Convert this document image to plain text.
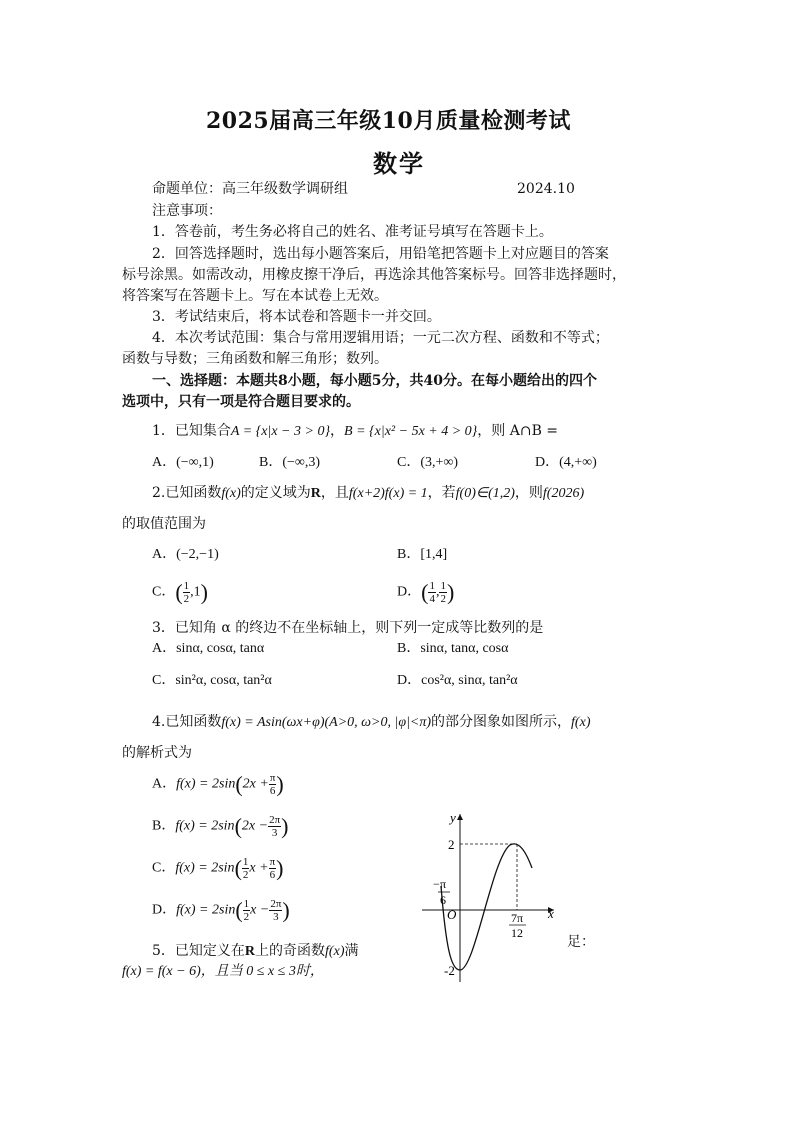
2025届高三年级10月质量检测考试
数学
命题单位：高三年级数学调研组	2024.10
注意事项：
1．答卷前，考生务必将自己的姓名、准考证号填写在答题卡上。
2．回答选择题时，选出每小题答案后，用铅笔把答题卡上对应题目的答案
标号涂黑。如需改动，用橡皮擦干净后，再选涂其他答案标号。回答非选择题时，
将答案写在答题卡上。写在本试卷上无效。
3．考试结束后，将本试卷和答题卡一并交回。
4．本次考试范围：集合与常用逻辑用语；一元二次方程、函数和不等式；
函数与导数；三角函数和解三角形；数列。
一、选择题：本题共8小题，每小题5分，共40分。在每小题给出的四个
选项中，只有一项是符合题目要求的。
1．已知集合A = {x|x − 3 > 0}，B = {x|x² − 5x + 4 > 0}，则 A∩B =
A．(−∞,1)	B．(−∞,3)	C．(3,+∞)	D．(4,+∞)
2.已知函数f(x)的定义域为R，且f(x+2)f(x) = 1，若f(0)∈(1,2)，则f(2026)
的取值范围为
A．(−2,−1)	B．[1,4]
C．( $\frac{1}{2} ,1$)	D．( $\frac{1}{4}$ , $\frac{1}{2}$ )
3．已知角 α 的终边不在坐标轴上，则下列一定成等比数列的是
A．sinα, cosα, tanα	B．sinα, tanα, cosα
C．sin²α, cosα, tan²α	D．cos²α, sinα, tan²α
4.已知函数f(x) = Asin(ωx+φ)(A>0, ω>0, |φ|<π)的部分图象如图所示，f(x)
的解析式为
A．$f(x) = 2\sin(2x + \frac{\pi}{6}$ )
B．$f(x) = 2\sin(2x - \frac{2\pi}{3}$ )
C．$f(x) = 2\sin( \frac{1}{2}$ $x + \frac{\pi}{6}$ )
D．$f(x) = 2\sin( \frac{1}{2}$ $x - \frac{2\pi}{3}$ )
y
x
O
2
-2
− π
6
7π
12
5．已知定义在R上的奇函数f(x)满
足：
f(x) = f(x − 6)，且当 0 ≤ x ≤ 3时，
